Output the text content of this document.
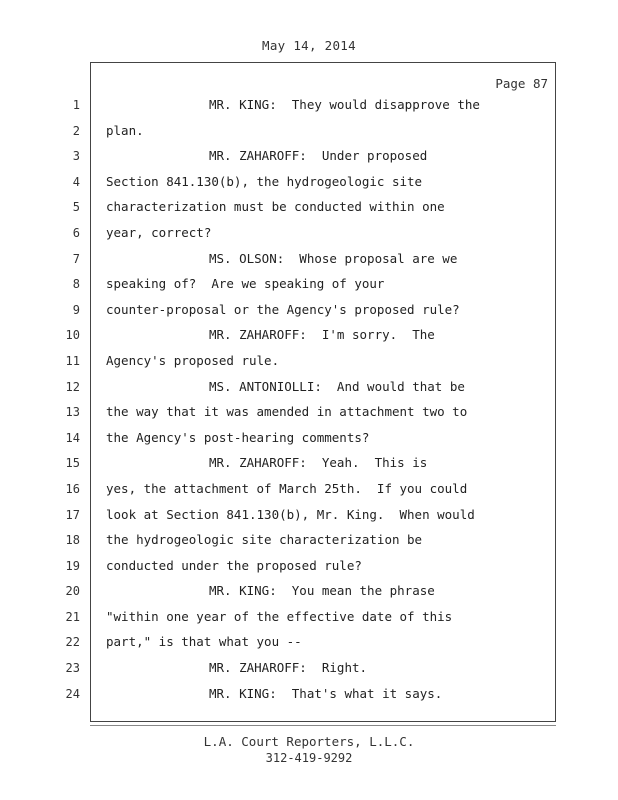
May 14, 2014
Page 87
1
2
3
4
5
6
7
8
9
10
11
12
13
14
15
16
17
18
19
20
21
22
23
24
MR. KING:  They would disapprove the
plan.
MR. ZAHAROFF:  Under proposed
Section 841.130(b), the hydrogeologic site
characterization must be conducted within one
year, correct?
MS. OLSON:  Whose proposal are we
speaking of?  Are we speaking of your
counter-proposal or the Agency's proposed rule?
MR. ZAHAROFF:  I'm sorry.  The
Agency's proposed rule.
MS. ANTONIOLLI:  And would that be
the way that it was amended in attachment two to
the Agency's post-hearing comments?
MR. ZAHAROFF:  Yeah.  This is
yes, the attachment of March 25th.  If you could
look at Section 841.130(b), Mr. King.  When would
the hydrogeologic site characterization be
conducted under the proposed rule?
MR. KING:  You mean the phrase
"within one year of the effective date of this
part," is that what you --
MR. ZAHAROFF:  Right.
MR. KING:  That's what it says.
L.A. Court Reporters, L.L.C.
312-419-9292
